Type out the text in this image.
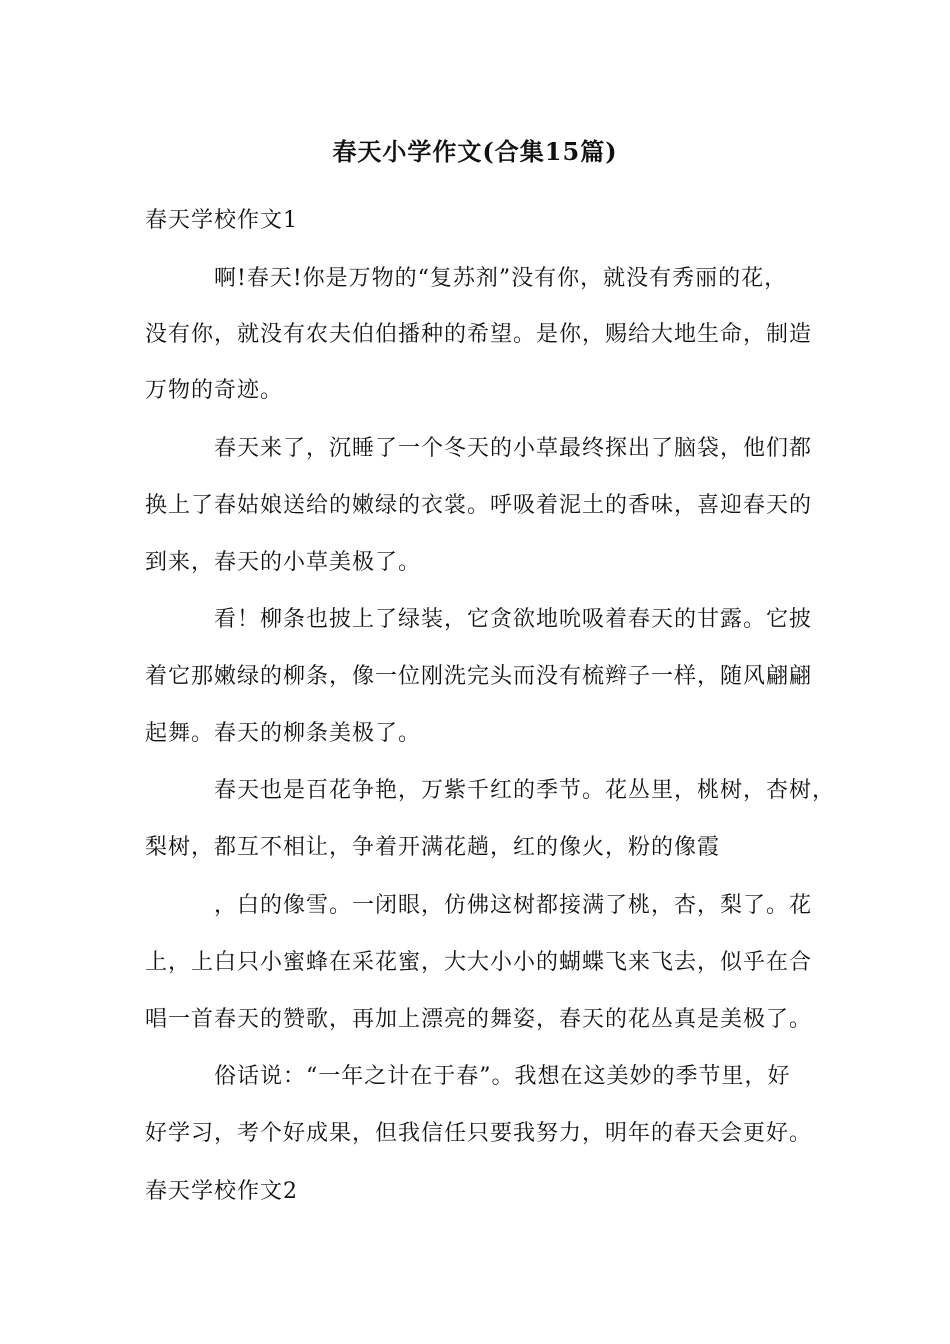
春天小学作文(合集15篇)
春天学校作文1
啊!春天!你是万物的“复苏剂”没有你，就没有秀丽的花，
没有你，就没有农夫伯伯播种的希望。是你，赐给大地生命，制造
万物的奇迹。
春天来了，沉睡了一个冬天的小草最终探出了脑袋，他们都
换上了春姑娘送给的嫩绿的衣裳。呼吸着泥土的香味，喜迎春天的
到来，春天的小草美极了。
看！柳条也披上了绿装，它贪欲地吮吸着春天的甘露。它披
着它那嫩绿的柳条，像一位刚洗完头而没有梳辫子一样，随风翩翩
起舞。春天的柳条美极了。
春天也是百花争艳，万紫千红的季节。花丛里，桃树，杏树，
梨树，都互不相让，争着开满花趟，红的像火，粉的像霞
，白的像雪。一闭眼，仿佛这树都接满了桃，杏，梨了。花
上，上白只小蜜蜂在采花蜜，大大小小的蝴蝶飞来飞去，似乎在合
唱一首春天的赞歌，再加上漂亮的舞姿，春天的花丛真是美极了。
俗话说：“一年之计在于春”。我想在这美妙的季节里，好
好学习，考个好成果，但我信任只要我努力，明年的春天会更好。
春天学校作文2
